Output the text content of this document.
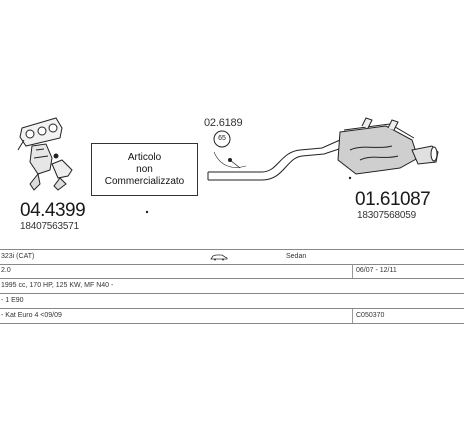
04.4399
18407563571
02.6189
65
01.61087
18307568059
Articolo
non
Commercializzato
323i (CAT)	Sedan
2.0	06/07 - 12/11
1995 cc, 170 HP, 125 KW, MF N40 -
- 1 E90
- Kat Euro 4 <09/09	C050370
